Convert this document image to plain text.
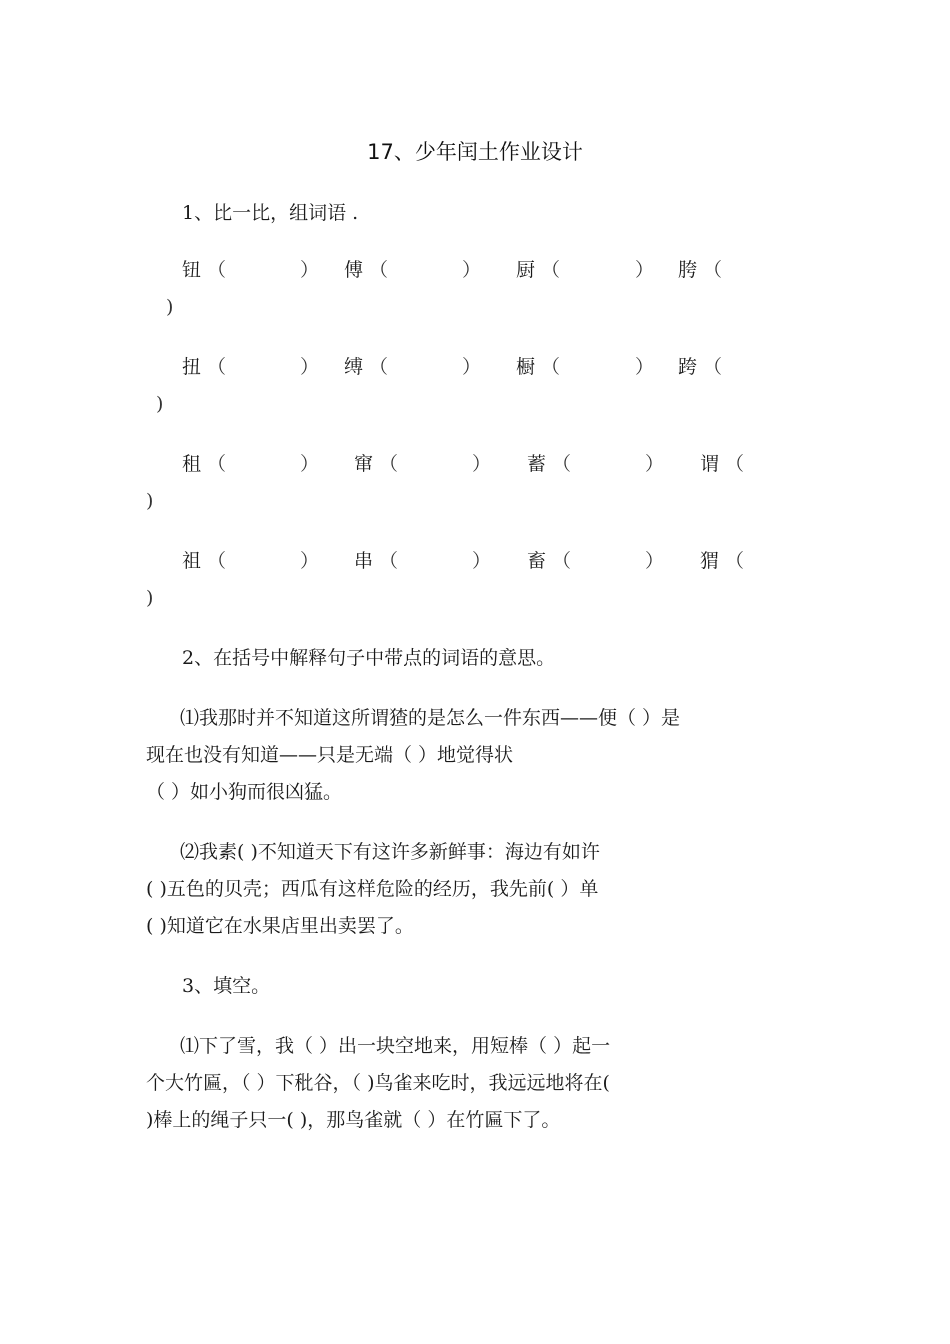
17、少年闰土作业设计
1、比一比，组词语 .
钮 （	） 傅 （	） 厨 （	） 胯 （
)
扭 （	） 缚 （	） 橱 （	） 跨 （
)
租 （	） 窜 （	） 蓄 （	） 谓 （
)
祖 （	） 串 （	） 畜 （	） 猬 （
)
2、在括号中解释句子中带点的词语的意思。
⑴我那时并不知道这所谓猹的是怎么一件东西——便（ ）是
现在也没有知道——只是无端（ ）地觉得状
（ ）如小狗而很凶猛。
⑵我素( )不知道天下有这许多新鲜事：海边有如许
( )五色的贝壳；西瓜有这样危险的经历，我先前( ）单
( )知道它在水果店里出卖罢了。
3、填空。
⑴下了雪，我（ ）出一块空地来，用短棒（ ）起一
个大竹匾，（ ）下秕谷，（ )鸟雀来吃时，我远远地将在(
)棒上的绳子只一( )，那鸟雀就（ ）在竹匾下了。
